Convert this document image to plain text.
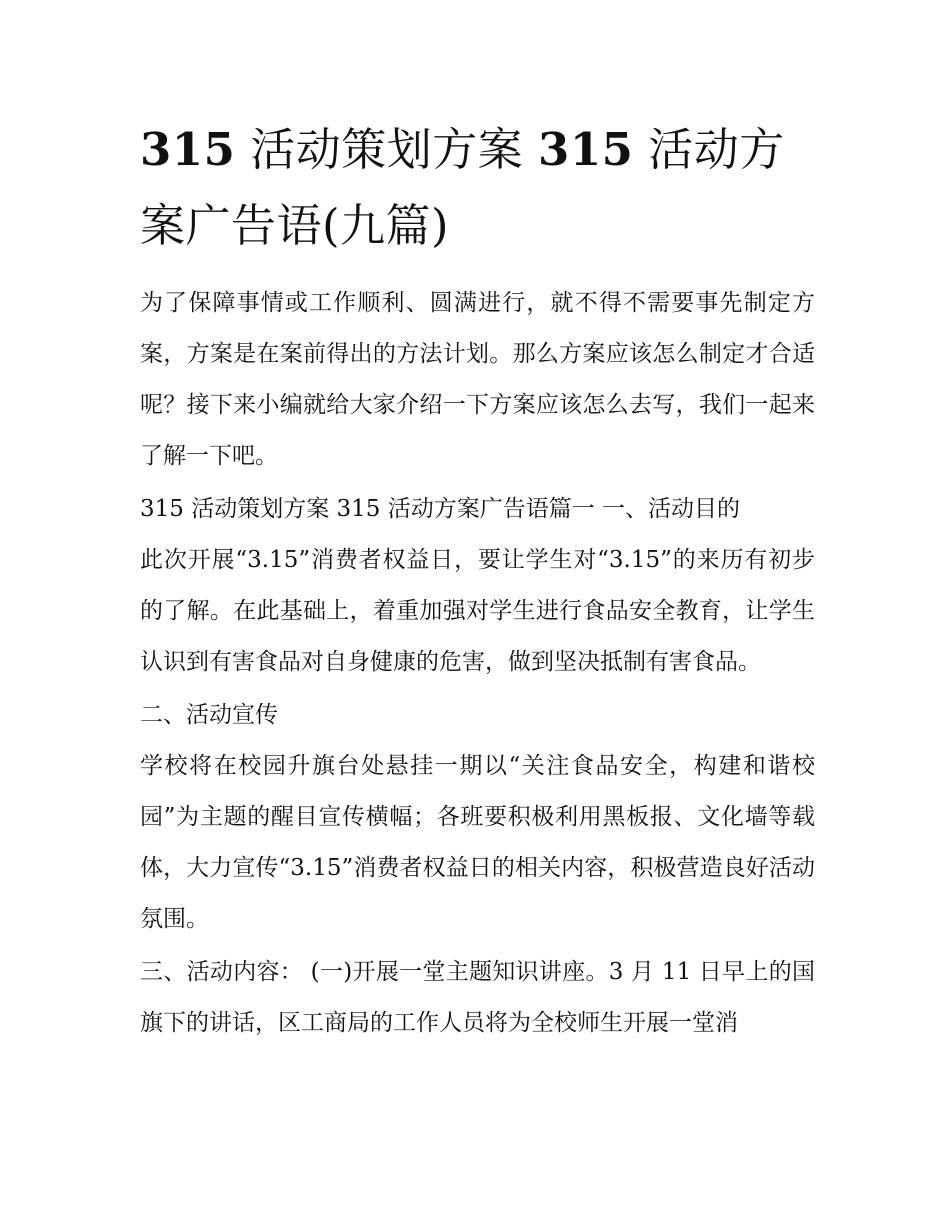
315 活动策划方案 315 活动方案广告语(九篇)

为了保障事情或工作顺利、圆满进行，就不得不需要事先制定方案，方案是在案前得出的方法计划。那么方案应该怎么制定才合适呢？接下来小编就给大家介绍一下方案应该怎么去写，我们一起来了解一下吧。

315 活动策划方案 315 活动方案广告语篇一 一、活动目的

此次开展“3.15”消费者权益日，要让学生对“3.15”的来历有初步的了解。在此基础上，着重加强对学生进行食品安全教育，让学生认识到有害食品对自身健康的危害，做到坚决抵制有害食品。

二、活动宣传

学校将在校园升旗台处悬挂一期以“关注食品安全，构建和谐校园”为主题的醒目宣传横幅；各班要积极利用黑板报、文化墙等载体，大力宣传“3.15”消费者权益日的相关内容，积极营造良好活动氛围。

三、活动内容： (一)开展一堂主题知识讲座。3 月 11 日早上的国旗下的讲话，区工商局的工作人员将为全校师生开展一堂消
